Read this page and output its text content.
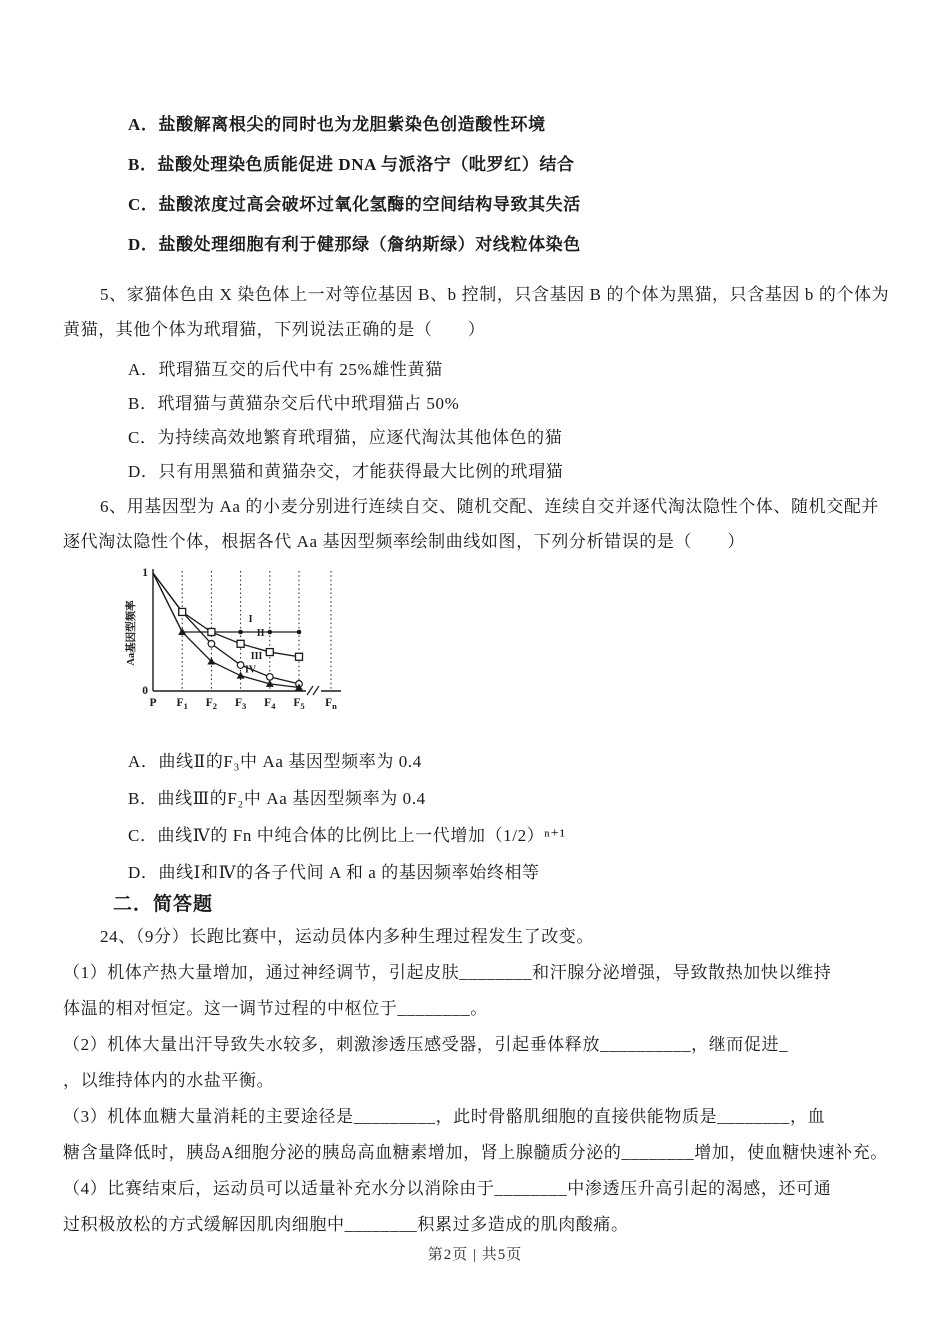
A．盐酸解离根尖的同时也为龙胆紫染色创造酸性环境
B．盐酸处理染色质能促进 DNA 与派洛宁（吡罗红）结合
C．盐酸浓度过高会破坏过氧化氢酶的空间结构导致其失活
D．盐酸处理细胞有利于健那绿（詹纳斯绿）对线粒体染色
5、家猫体色由 X 染色体上一对等位基因 B、b 控制，只含基因 B 的个体为黑猫，只含基因 b 的个体为
黄猫，其他个体为玳瑁猫，下列说法正确的是（　　）
A．玳瑁猫互交的后代中有 25%雄性黄猫
B．玳瑁猫与黄猫杂交后代中玳瑁猫占 50%
C．为持续高效地繁育玳瑁猫，应逐代淘汰其他体色的猫
D．只有用黑猫和黄猫杂交，才能获得最大比例的玳瑁猫
6、用基因型为 Aa 的小麦分别进行连续自交、随机交配、连续自交并逐代淘汰隐性个体、随机交配并
逐代淘汰隐性个体，根据各代 Aa 基因型频率绘制曲线如图，下列分析错误的是（　　）
I
II
III
IV
P $F_1$ $F_2$ $F_3$ $F_4$ $F_5$ $F_n$
0
1
Aa基因型频率
A．曲线Ⅱ的F₃中 Aa 基因型频率为 0.4
B．曲线Ⅲ的F₂中 Aa 基因型频率为 0.4
C．曲线Ⅳ的 Fn 中纯合体的比例比上一代增加（1/2）ⁿ⁺¹
D．曲线Ⅰ和Ⅳ的各子代间 A 和 a 的基因频率始终相等
二．简答题
24、（9分）长跑比赛中，运动员体内多种生理过程发生了改变。
（1）机体产热大量增加，通过神经调节，引起皮肤________和汗腺分泌增强，导致散热加快以维持
体温的相对恒定。这一调节过程的中枢位于________。
（2）机体大量出汗导致失水较多，刺激渗透压感受器，引起垂体释放__________，继而促进_
，以维持体内的水盐平衡。
（3）机体血糖大量消耗的主要途径是_________，此时骨骼肌细胞的直接供能物质是________，血
糖含量降低时，胰岛A细胞分泌的胰岛高血糖素增加，肾上腺髓质分泌的________增加，使血糖快速补充。
（4）比赛结束后，运动员可以适量补充水分以消除由于________中渗透压升高引起的渴感，还可通
过积极放松的方式缓解因肌肉细胞中________积累过多造成的肌肉酸痛。
第2页 | 共5页
